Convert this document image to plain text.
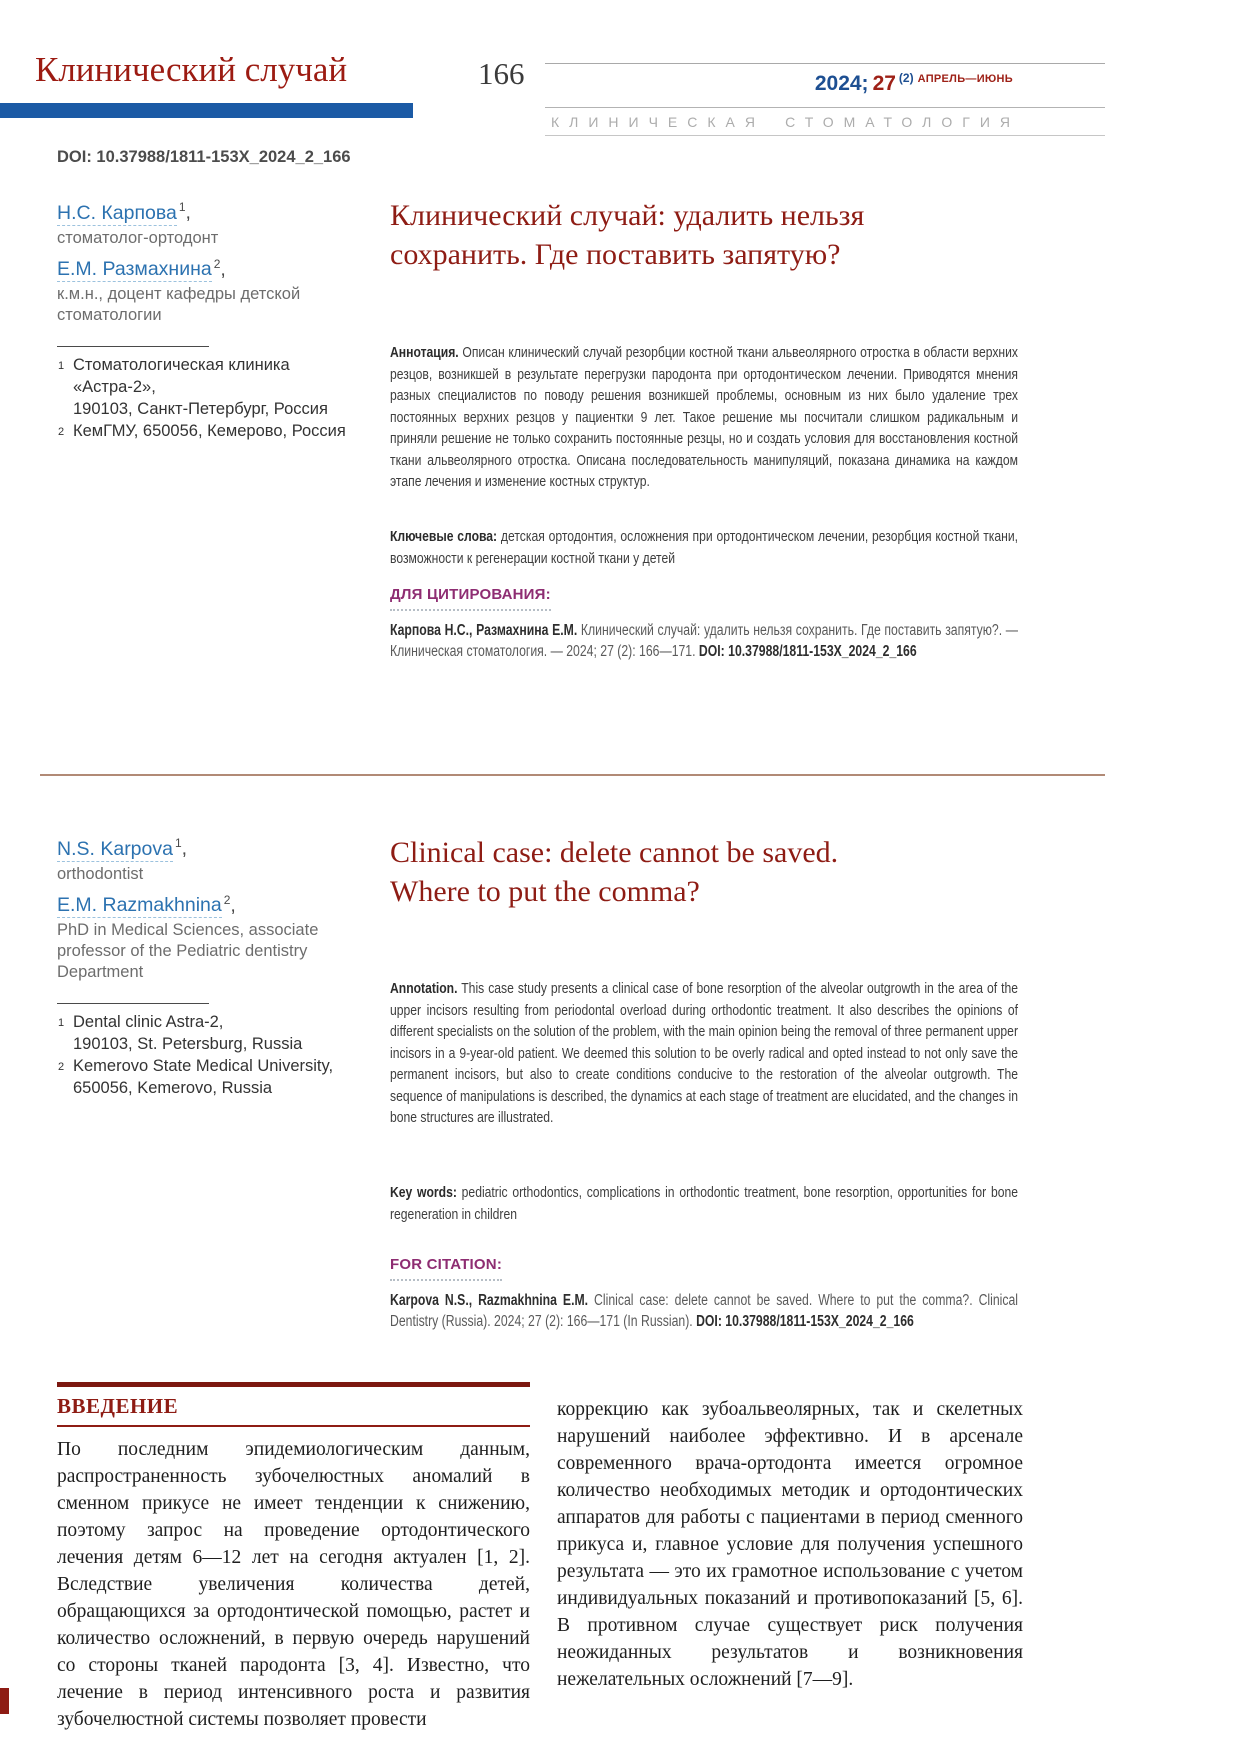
Клинический случай	166	2024; 27 (2) АПРЕЛЬ—ИЮНЬ
КЛИНИЧЕСКАЯ СТОМАТОЛОГИЯ
DOI: 10.37988/1811-153X_2024_2_166
Н.С. Карпова $^1$,
стоматолог-ортодонт
Е.М. Размахнина $^2$,
к.м.н., доцент кафедры детской стоматологии
1 Стоматологическая клиника «Астра-2»,
190103, Санкт-Петербург, Россия
2 КемГМУ, 650056, Кемерово, Россия
Клинический случай: удалить нельзя
сохранить. Где поставить запятую?
Аннотация. Описан клинический случай резорбции костной ткани альвеолярного отростка в области верхних резцов, возникшей в результате перегрузки пародонта при ортодонтическом лечении. Приводятся мнения разных специалистов по поводу решения возникшей проблемы, основным из них было удаление трех постоянных верхних резцов у пациентки 9 лет. Такое решение мы посчитали слишком радикальным и приняли решение не только сохранить постоянные резцы, но и создать условия для восстановления костной ткани альвеолярного отростка. Описана последовательность манипуляций, показана динамика на каждом этапе лечения и изменение костных структур.
Ключевые слова: детская ортодонтия, осложнения при ортодонтическом лечении, резорбция костной ткани, возможности к регенерации костной ткани у детей
ДЛЯ ЦИТИРОВАНИЯ:
Карпова Н.С., Размахнина Е.М. Клинический случай: удалить нельзя сохранить. Где поставить запятую?. — Клиническая стоматология. — 2024; 27 (2): 166—171. DOI: 10.37988/1811-153X_2024_2_166
N.S. Karpova $^1$,
orthodontist
E.M. Razmakhnina $^2$,
PhD in Medical Sciences, associate professor of the Pediatric dentistry Department
1 Dental clinic Astra-2,
190103, St. Petersburg, Russia
2 Kemerovo State Medical University,
650056, Kemerovo, Russia
Clinical case: delete cannot be saved.
Where to put the comma?
Annotation. This case study presents a clinical case of bone resorption of the alveolar outgrowth in the area of the upper incisors resulting from periodontal overload during orthodontic treatment. It also describes the opinions of different specialists on the solution of the problem, with the main opinion being the removal of three permanent upper incisors in a 9-year-old patient. We deemed this solution to be overly radical and opted instead to not only save the permanent incisors, but also to create conditions conducive to the restoration of the alveolar outgrowth. The sequence of manipulations is described, the dynamics at each stage of treatment are elucidated, and the changes in bone structures are illustrated.
Key words: pediatric orthodontics, complications in orthodontic treatment, bone resorption, opportunities for bone regeneration in children
FOR CITATION:
Karpova N.S., Razmakhnina E.M. Clinical case: delete cannot be saved. Where to put the comma?. Clinical Dentistry (Russia). 2024; 27 (2): 166—171 (In Russian). DOI: 10.37988/1811-153X_2024_2_166
ВВЕДЕНИЕ
По последним эпидемиологическим данным, распространенность зубочелюстных аномалий в сменном прикусе не имеет тенденции к снижению, поэтому запрос на проведение ортодонтического лечения детям 6—12 лет на сегодня актуален [1, 2]. Вследствие увеличения количества детей, обращающихся за ортодонтической помощью, растет и количество осложнений, в первую очередь нарушений со стороны тканей пародонта [3, 4]. Известно, что лечение в период интенсивного роста и развития зубочелюстной системы позволяет провести
коррекцию как зубоальвеолярных, так и скелетных нарушений наиболее эффективно. И в арсенале современного врача-ортодонта имеется огромное количество необходимых методик и ортодонтических аппаратов для работы с пациентами в период сменного прикуса и, главное условие для получения успешного результата — это их грамотное использование с учетом индивидуальных показаний и противопоказаний [5, 6]. В противном случае существует риск получения неожиданных результатов и возникновения нежелательных осложнений [7—9].
